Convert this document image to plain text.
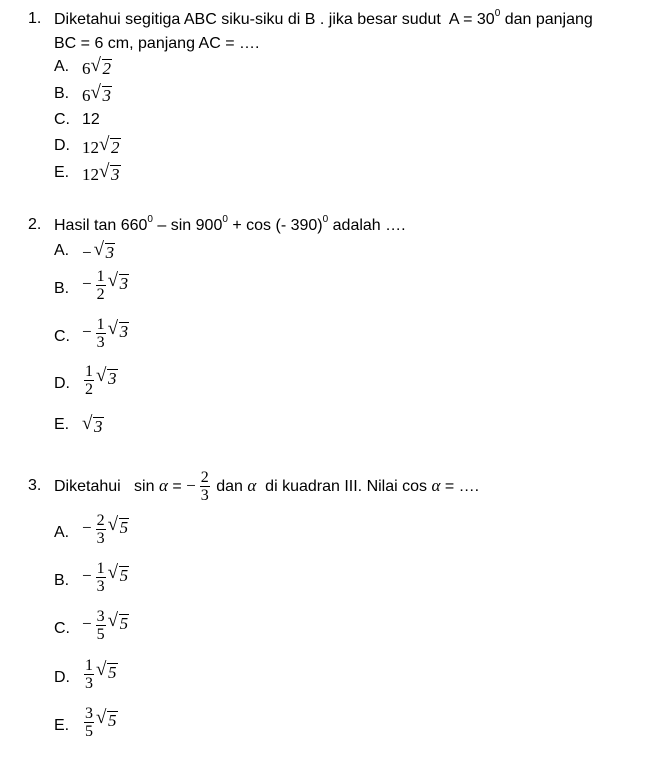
1. Diketahui segitiga ABC siku-siku di B . jika besar sudut $A = 30^0$ dan panjang
BC = 6 cm, panjang AC = ….
A. 6 √ 2
B. 6 √ 3
C. 12
D. 12 √ 2
E. 12 √ 3
2. Hasil $\tan 660^0 - \sin 900^0 + \cos$ (- 390)$^0$ adalah ….
A. − √ 3
B. − $\frac{1}{2}$ √ 3
C. − $\frac{1}{3}$ √ 3
D. $\frac{1}{2}$ √ 3
E. √ 3
3. Diketahui sin α = − $\frac{2}{3}$ dan α di kuadran III. Nilai cos α = ….
A. − $\frac{2}{3}$ √ 5
B. − $\frac{1}{3}$ √ 5
C. − $\frac{3}{5}$ √ 5
D. $\frac{1}{3}$ √ 5
E. $\frac{3}{5}$ √ 5
